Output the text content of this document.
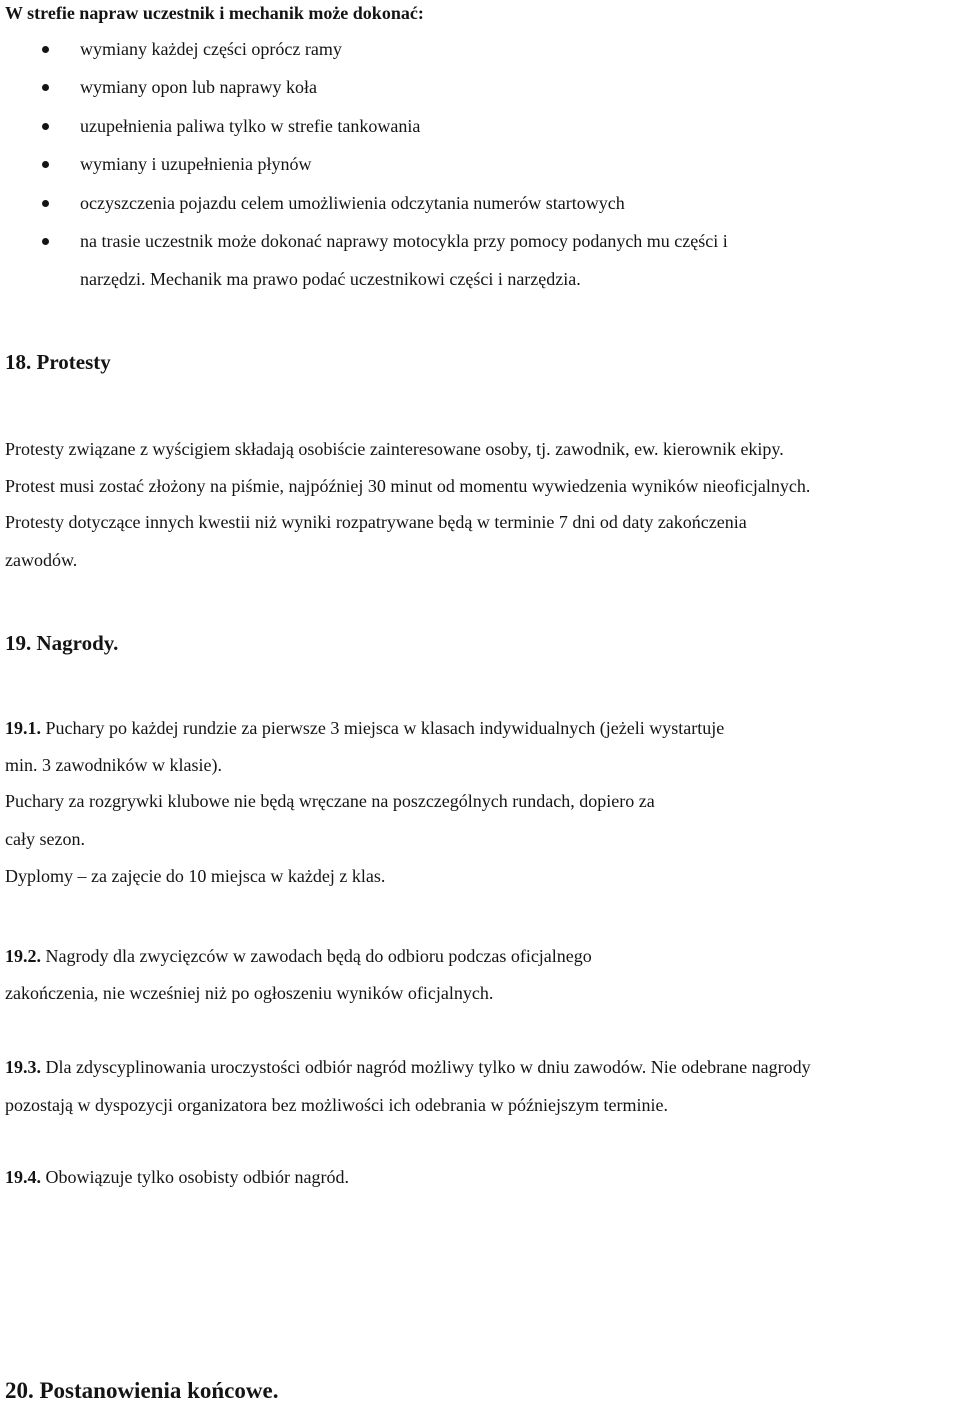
W strefie napraw uczestnik i mechanik może dokonać:
wymiany każdej części oprócz ramy
wymiany opon lub naprawy koła
uzupełnienia paliwa tylko w strefie tankowania
wymiany i uzupełnienia płynów
oczyszczenia pojazdu celem umożliwienia odczytania numerów startowych
na trasie uczestnik może dokonać naprawy motocykla przy pomocy podanych mu części i
narzędzi. Mechanik ma prawo podać uczestnikowi części i narzędzia.
18. Protesty
Protesty związane z wyścigiem składają osobiście zainteresowane osoby, tj. zawodnik, ew. kierownik ekipy.
Protest musi zostać złożony na piśmie, najpóźniej 30 minut od momentu wywiedzenia wyników nieoficjalnych.
Protesty dotyczące innych kwestii niż wyniki rozpatrywane będą w terminie 7 dni od daty zakończenia
zawodów.
19. Nagrody.
19.1. Puchary po każdej rundzie za pierwsze 3 miejsca w klasach indywidualnych (jeżeli wystartuje
min. 3 zawodników w klasie).
Puchary za rozgrywki klubowe nie będą wręczane na poszczególnych rundach, dopiero za
cały sezon.
Dyplomy – za zajęcie do 10 miejsca w każdej z klas.
19.2. Nagrody dla zwycięzców w zawodach będą do odbioru podczas oficjalnego
zakończenia, nie wcześniej niż po ogłoszeniu wyników oficjalnych.
19.3. Dla zdyscyplinowania uroczystości odbiór nagród możliwy tylko w dniu zawodów. Nie odebrane nagrody
pozostają w dyspozycji organizatora bez możliwości ich odebrania w późniejszym terminie.
19.4. Obowiązuje tylko osobisty odbiór nagród.
20. Postanowienia końcowe.
